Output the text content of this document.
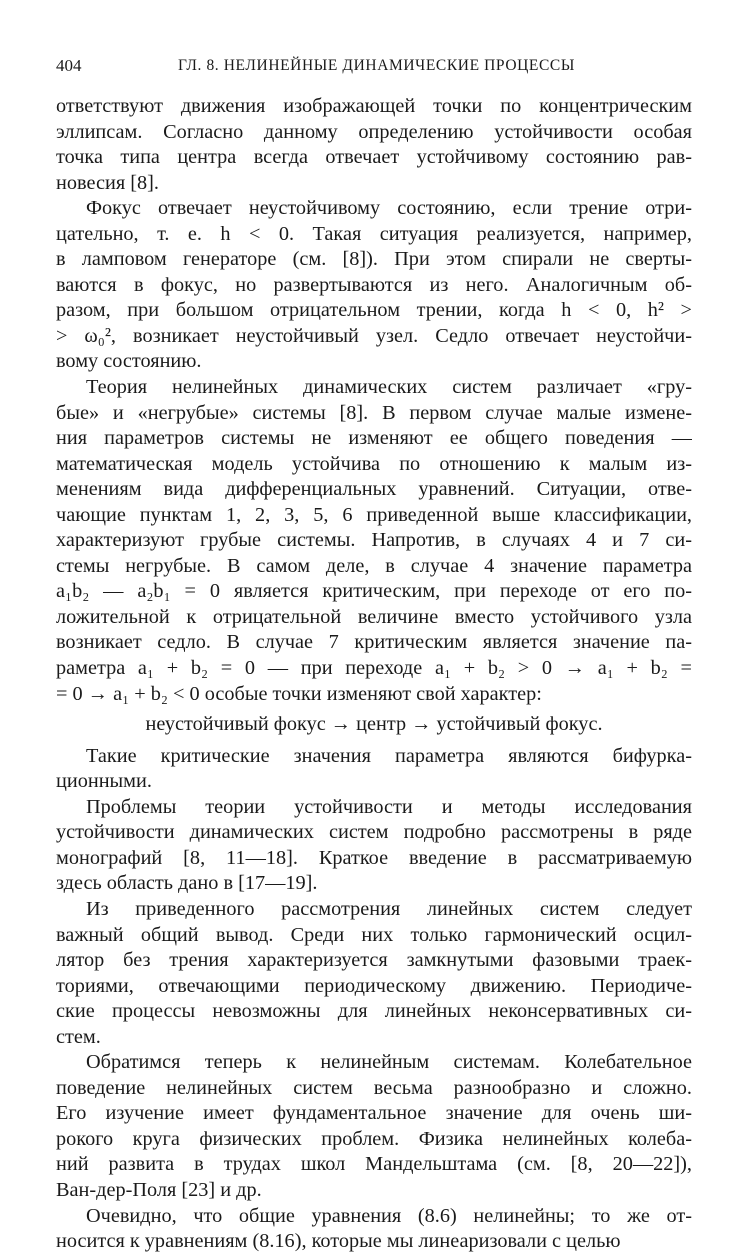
404	ГЛ. 8. НЕЛИНЕЙНЫЕ ДИНАМИЧЕСКИЕ ПРОЦЕССЫ
ответствуют движения изображающей точки по концентрическим
эллипсам. Согласно данному определению устойчивости особая
точка типа центра всегда отвечает устойчивому состоянию рав-
новесия [8].
Фокус отвечает неустойчивому состоянию, если трение отри-
цательно, т. е. h < 0. Такая ситуация реализуется, например,
в ламповом генераторе (см. [8]). При этом спирали не сверты-
ваются в фокус, но развертываются из него. Аналогичным об-
разом, при большом отрицательном трении, когда h < 0, h² >
> ω₀², возникает неустойчивый узел. Седло отвечает неустойчи-
вому состоянию.
Теория нелинейных динамических систем различает «гру-
бые» и «негрубые» системы [8]. В первом случае малые измене-
ния параметров системы не изменяют ее общего поведения —
математическая модель устойчива по отношению к малым из-
менениям вида дифференциальных уравнений. Ситуации, отве-
чающие пунктам 1, 2, 3, 5, 6 приведенной выше классификации,
характеризуют грубые системы. Напротив, в случаях 4 и 7 си-
стемы негрубые. В самом деле, в случае 4 значение параметра
a₁b₂ — a₂b₁ = 0 является критическим, при переходе от его по-
ложительной к отрицательной величине вместо устойчивого узла
возникает седло. В случае 7 критическим является значение па-
раметра a₁ + b₂ = 0 — при переходе a₁ + b₂ > 0 → a₁ + b₂ =
= 0 → a₁ + b₂ < 0 особые точки изменяют свой характер:
неустойчивый фокус → центр → устойчивый фокус.
Такие критические значения параметра являются бифурка-
ционными.
Проблемы теории устойчивости и методы исследования
устойчивости динамических систем подробно рассмотрены в ряде
монографий [8, 11—18]. Краткое введение в рассматриваемую
здесь область дано в [17—19].
Из приведенного рассмотрения линейных систем следует
важный общий вывод. Среди них только гармонический осцил-
лятор без трения характеризуется замкнутыми фазовыми траек-
ториями, отвечающими периодическому движению. Периодиче-
ские процессы невозможны для линейных неконсервативных си-
стем.
Обратимся теперь к нелинейным системам. Колебательное
поведение нелинейных систем весьма разнообразно и сложно.
Его изучение имеет фундаментальное значение для очень ши-
рокого круга физических проблем. Физика нелинейных колеба-
ний развита в трудах школ Мандельштама (см. [8, 20—22]),
Ван-дер-Поля [23] и др.
Очевидно, что общие уравнения (8.6) нелинейны; то же от-
носится к уравнениям (8.16), которые мы линеаризовали с целью
